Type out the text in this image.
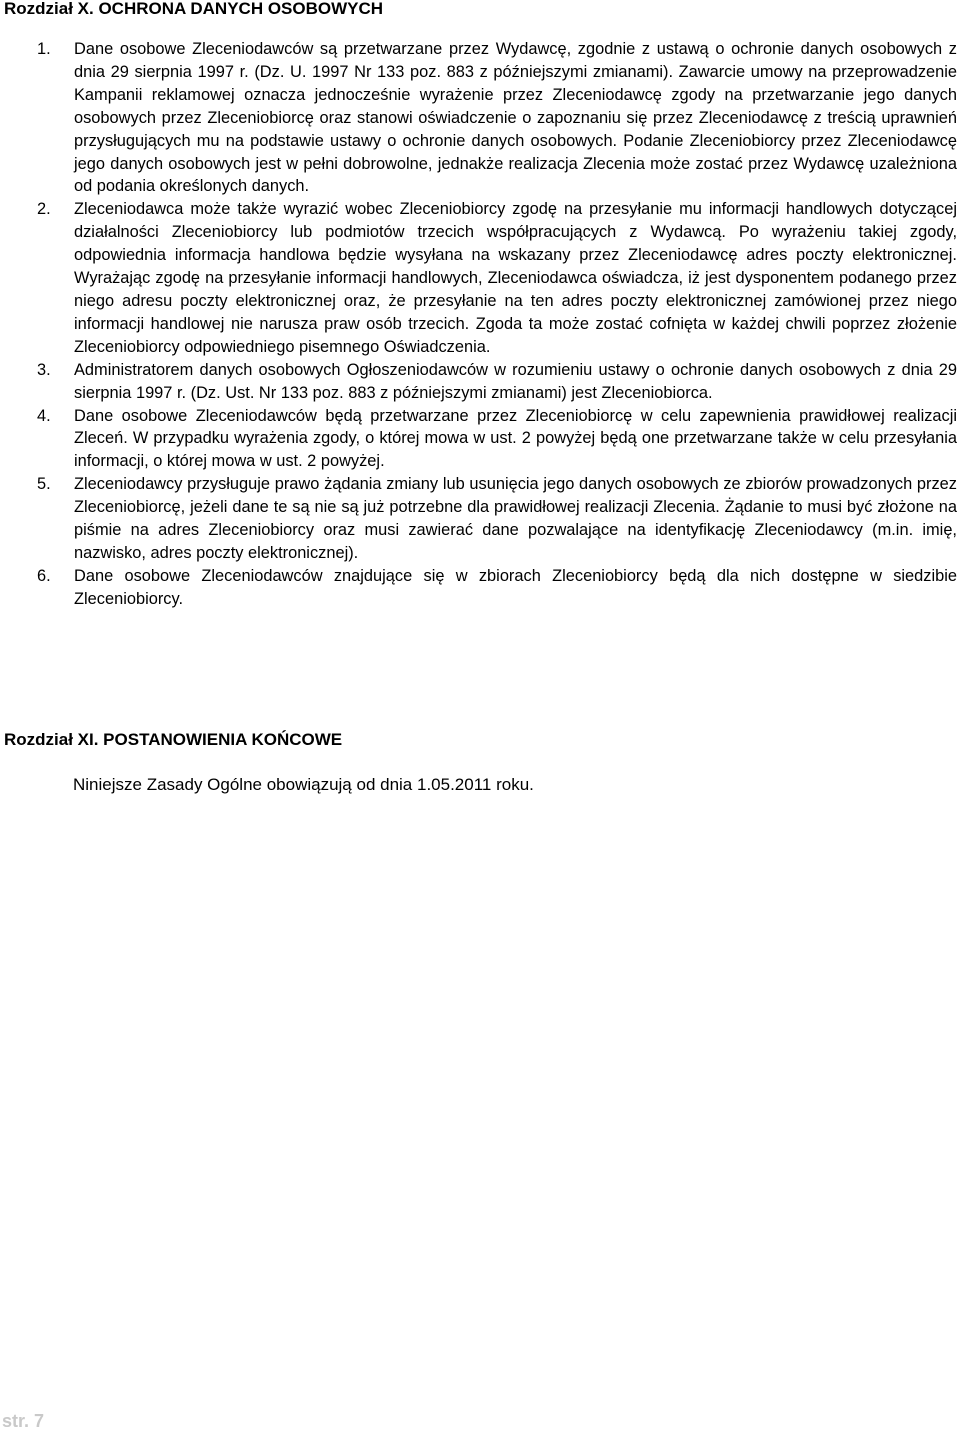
Rozdział X. OCHRONA DANYCH OSOBOWYCH
1. Dane osobowe Zleceniodawców są przetwarzane przez Wydawcę, zgodnie z ustawą o ochronie danych osobowych z dnia 29 sierpnia 1997 r. (Dz. U. 1997 Nr 133 poz. 883 z późniejszymi zmianami). Zawarcie umowy na przeprowadzenie Kampanii reklamowej oznacza jednocześnie wyrażenie przez Zleceniodawcę zgody na przetwarzanie jego danych osobowych przez Zleceniobiorcę oraz stanowi oświadczenie o zapoznaniu się przez Zleceniodawcę z treścią uprawnień przysługujących mu na podstawie ustawy o ochronie danych osobowych. Podanie Zleceniobiorcy przez Zleceniodawcę jego danych osobowych jest w pełni dobrowolne, jednakże realizacja Zlecenia może zostać przez Wydawcę uzależniona od podania określonych danych.
2. Zleceniodawca może także wyrazić wobec Zleceniobiorcy zgodę na przesyłanie mu informacji handlowych dotyczącej działalności Zleceniobiorcy lub podmiotów trzecich współpracujących z Wydawcą. Po wyrażeniu takiej zgody, odpowiednia informacja handlowa będzie wysyłana na wskazany przez Zleceniodawcę adres poczty elektronicznej. Wyrażając zgodę na przesyłanie informacji handlowych, Zleceniodawca oświadcza, iż jest dysponentem podanego przez niego adresu poczty elektronicznej oraz, że przesyłanie na ten adres poczty elektronicznej zamówionej przez niego informacji handlowej nie narusza praw osób trzecich. Zgoda ta może zostać cofnięta w każdej chwili poprzez złożenie Zleceniobiorcy odpowiedniego pisemnego Oświadczenia.
3. Administratorem danych osobowych Ogłoszeniodawców w rozumieniu ustawy o ochronie danych osobowych z dnia 29 sierpnia 1997 r. (Dz. Ust. Nr 133 poz. 883 z późniejszymi zmianami) jest Zleceniobiorca.
4. Dane osobowe Zleceniodawców będą przetwarzane przez Zleceniobiorcę w celu zapewnienia prawidłowej realizacji Zleceń. W przypadku wyrażenia zgody, o której mowa w ust. 2 powyżej będą one przetwarzane także w celu przesyłania informacji, o której mowa w ust. 2 powyżej.
5. Zleceniodawcy przysługuje prawo żądania zmiany lub usunięcia jego danych osobowych ze zbiorów prowadzonych przez Zleceniobiorcę, jeżeli dane te są nie są już potrzebne dla prawidłowej realizacji Zlecenia. Żądanie to musi być złożone na piśmie na adres Zleceniobiorcy oraz musi zawierać dane pozwalające na identyfikację Zleceniodawcy (m.in. imię, nazwisko, adres poczty elektronicznej).
6. Dane osobowe Zleceniodawców znajdujące się w zbiorach Zleceniobiorcy będą dla nich dostępne w siedzibie Zleceniobiorcy.
Rozdział XI. POSTANOWIENIA KOŃCOWE
Niniejsze Zasady Ogólne obowiązują od dnia 1.05.2011 roku.
str. 7
